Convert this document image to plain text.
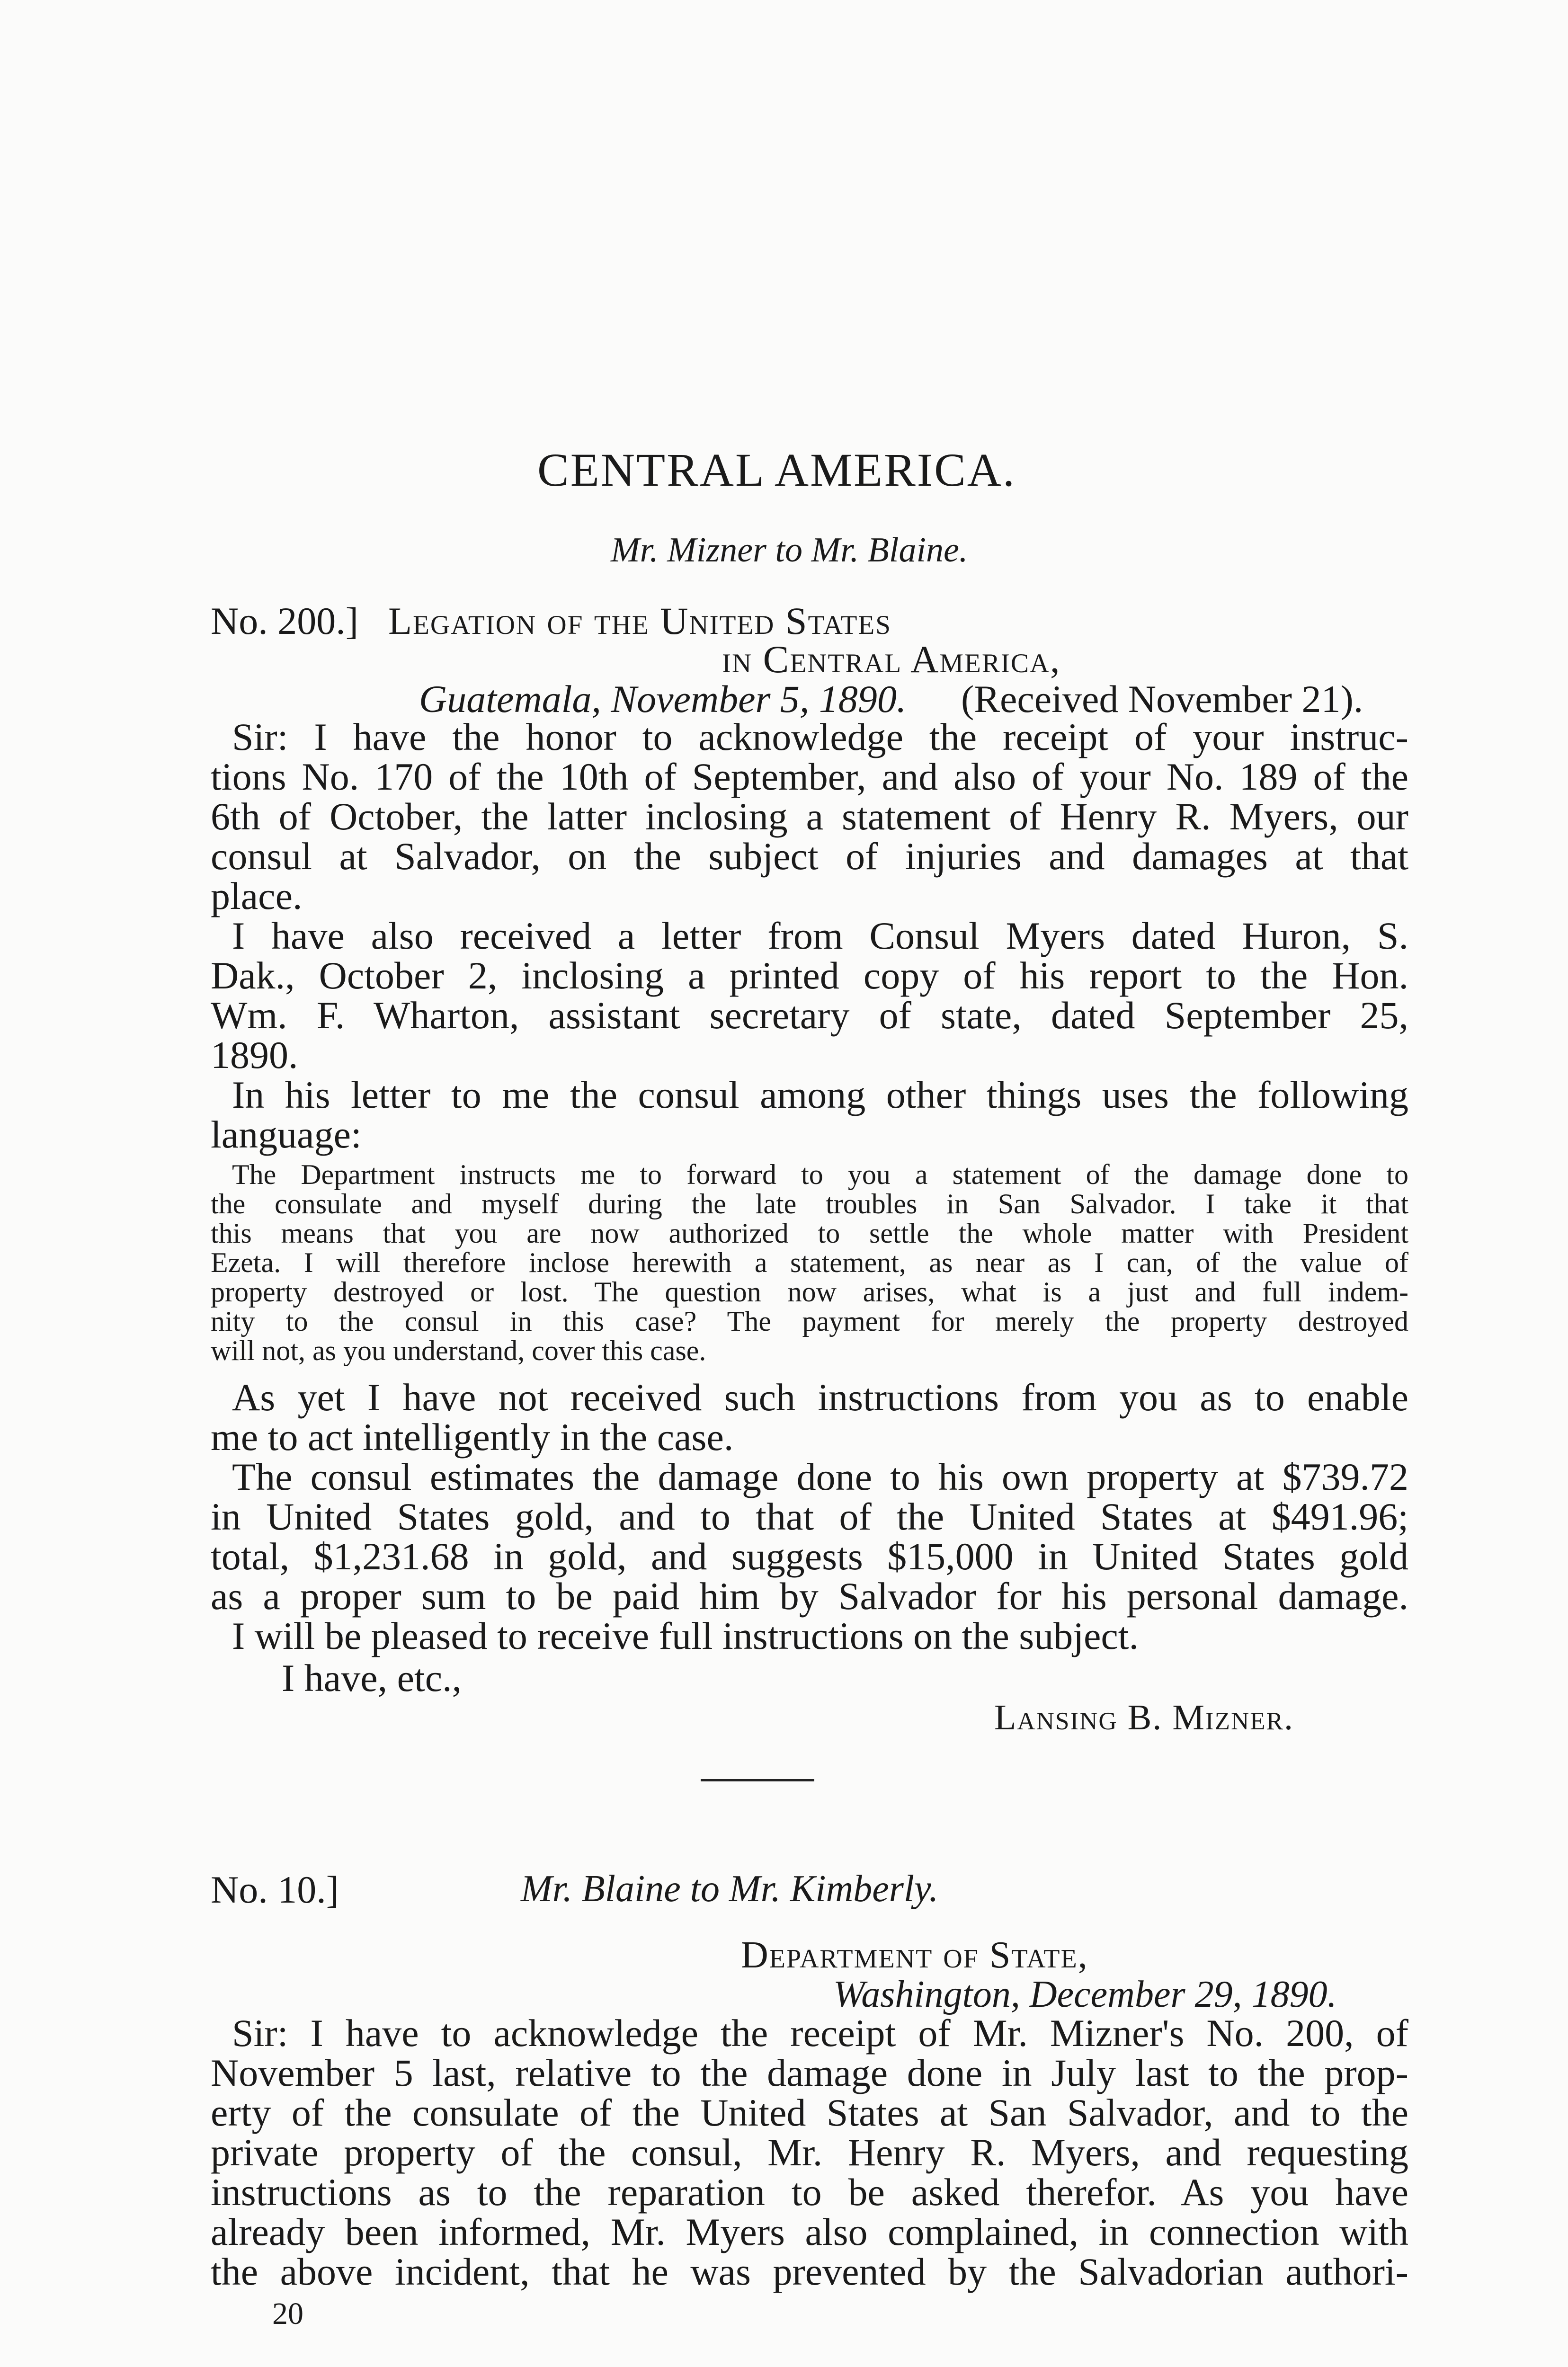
CENTRAL AMERICA.
Mr. Mizner to Mr. Blaine.
No. 200.] Legation of the United States
in Central America,
Guatemala, November 5, 1890. (Received November 21).
Sir: I have the honor to acknowledge the receipt of your instruc-
tions No. 170 of the 10th of September, and also of your No. 189 of the
6th of October, the latter inclosing a statement of Henry R. Myers, our
consul at Salvador, on the subject of injuries and damages at that
place.
I have also received a letter from Consul Myers dated Huron, S.
Dak., October 2, inclosing a printed copy of his report to the Hon.
Wm. F. Wharton, assistant secretary of state, dated September 25,
1890.
In his letter to me the consul among other things uses the following
language:
The Department instructs me to forward to you a statement of the damage done to
the consulate and myself during the late troubles in San Salvador. I take it that
this means that you are now authorized to settle the whole matter with President
Ezeta. I will therefore inclose herewith a statement, as near as I can, of the value of
property destroyed or lost. The question now arises, what is a just and full indem-
nity to the consul in this case? The payment for merely the property destroyed
will not, as you understand, cover this case.
As yet I have not received such instructions from you as to enable
me to act intelligently in the case.
The consul estimates the damage done to his own property at $739.72
in United States gold, and to that of the United States at $491.96;
total, $1,231.68 in gold, and suggests $15,000 in United States gold
as a proper sum to be paid him by Salvador for his personal damage.
I will be pleased to receive full instructions on the subject.
I have, etc.,
Lansing B. Mizner.
No. 10.]	Mr. Blaine to Mr. Kimberly.
Department of State,
Washington, December 29, 1890.
Sir: I have to acknowledge the receipt of Mr. Mizner's No. 200, of
November 5 last, relative to the damage done in July last to the prop-
erty of the consulate of the United States at San Salvador, and to the
private property of the consul, Mr. Henry R. Myers, and requesting
instructions as to the reparation to be asked therefor. As you have
already been informed, Mr. Myers also complained, in connection with
the above incident, that he was prevented by the Salvadorian authori-
20
